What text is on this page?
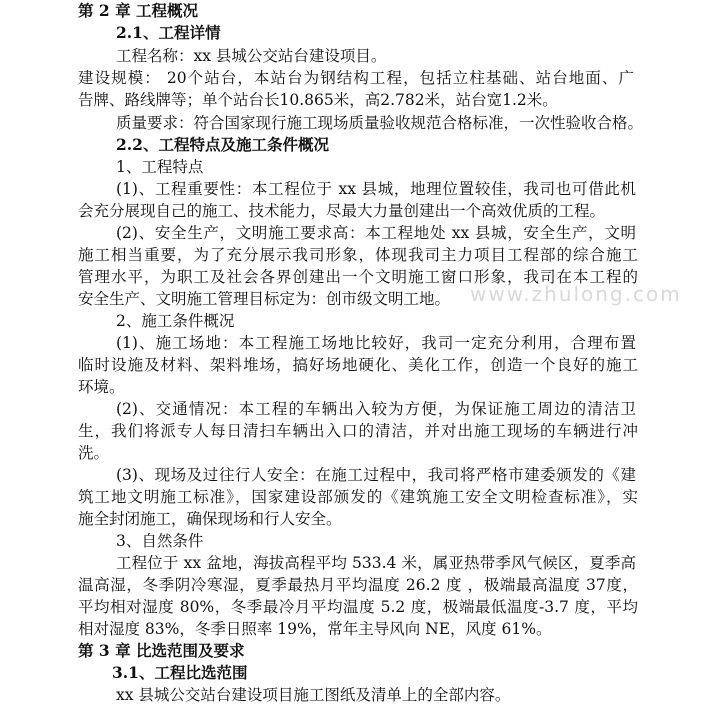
第 2 章 工程概况
2.1、工程详情
工程名称：xx 县城公交站台建设项目。
建设规模： 20个站台，本站台为钢结构工程，包括立柱基础、站台地面、广
告牌、路线牌等；单个站台长10.865米，高2.782米，站台宽1.2米。
质量要求：符合国家现行施工现场质量验收规范合格标准，一次性验收合格。
2.2、工程特点及施工条件概况
1、工程特点
(1)、工程重要性：本工程位于 xx 县城，地理位置较佳，我司也可借此机
会充分展现自己的施工、技术能力，尽最大力量创建出一个高效优质的工程。
(2)、安全生产，文明施工要求高：本工程地处 xx 县城，安全生产，文明
施工相当重要，为了充分展示我司形象，体现我司主力项目工程部的综合施工
管理水平，为职工及社会各界创建出一个文明施工窗口形象，我司在本工程的
安全生产、文明施工管理目标定为：创市级文明工地。
2、施工条件概况
(1)、施工场地：本工程施工场地比较好，我司一定充分利用，合理布置
临时设施及材料、架料堆场，搞好场地硬化、美化工作，创造一个良好的施工
环境。
(2)、交通情况：本工程的车辆出入较为方便，为保证施工周边的清洁卫
生，我们将派专人每日清扫车辆出入口的清洁，并对出施工现场的车辆进行冲
洗。
(3)、现场及过往行人安全：在施工过程中，我司将严格市建委颁发的《建
筑工地文明施工标准》，国家建设部颁发的《建筑施工安全文明检查标准》，实
施全封闭施工，确保现场和行人安全。
3、自然条件
工程位于 xx 盆地，海拔高程平均 533.4 米，属亚热带季风气候区，夏季高
温高湿，冬季阴冷寒湿，夏季最热月平均温度 26.2 度 ，极端最高温度 37度，
平均相对湿度 80%，冬季最冷月平均温度 5.2 度，极端最低温度-3.7 度，平均
相对湿度 83%，冬季日照率 19%，常年主导风向 NE，风度 61%。
第 3 章 比选范围及要求
3.1、工程比选范围
xx 县城公交站台建设项目施工图纸及清单上的全部内容。
www.zhulong.com
